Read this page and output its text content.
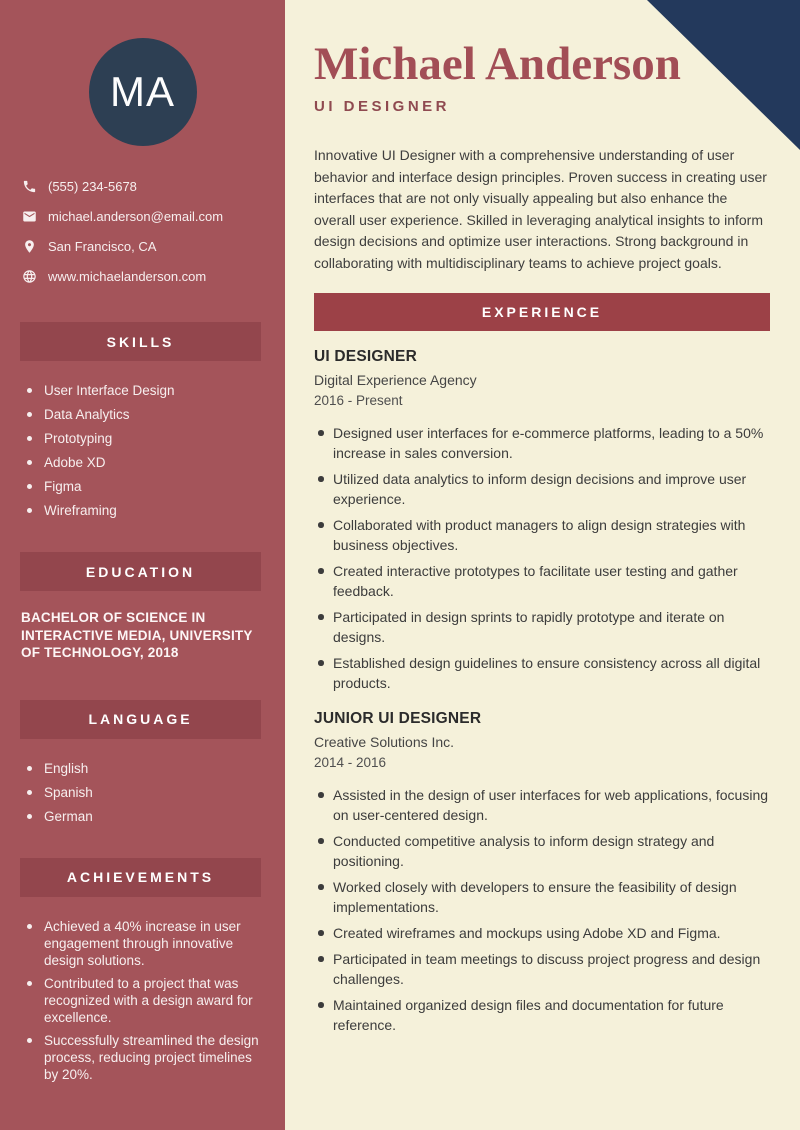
MA
(555) 234-5678
michael.anderson@email.com
San Francisco, CA
www.michaelanderson.com
SKILLS
User Interface Design
Data Analytics
Prototyping
Adobe XD
Figma
Wireframing
EDUCATION

BACHELOR OF SCIENCE IN INTERACTIVE MEDIA, UNIVERSITY OF TECHNOLOGY, 2018

LANGUAGE
English
Spanish
German
ACHIEVEMENTS
Achieved a 40% increase in user engagement through innovative design solutions.
Contributed to a project that was recognized with a design award for excellence.
Successfully streamlined the design process, reducing project timelines by 20%.
Michael Anderson
UI DESIGNER

Innovative UI Designer with a comprehensive understanding of user behavior and interface design principles. Proven success in creating user interfaces that are not only visually appealing but also enhance the overall user experience. Skilled in leveraging analytical insights to inform design decisions and optimize user interactions. Strong background in collaborating with multidisciplinary teams to achieve project goals.

EXPERIENCE
UI DESIGNER
Digital Experience Agency
2016 - Present
Designed user interfaces for e-commerce platforms, leading to a 50% increase in sales conversion.
Utilized data analytics to inform design decisions and improve user experience.
Collaborated with product managers to align design strategies with business objectives.
Created interactive prototypes to facilitate user testing and gather feedback.
Participated in design sprints to rapidly prototype and iterate on designs.
Established design guidelines to ensure consistency across all digital products.
JUNIOR UI DESIGNER
Creative Solutions Inc.
2014 - 2016
Assisted in the design of user interfaces for web applications, focusing on user-centered design.
Conducted competitive analysis to inform design strategy and positioning.
Worked closely with developers to ensure the feasibility of design implementations.
Created wireframes and mockups using Adobe XD and Figma.
Participated in team meetings to discuss project progress and design challenges.
Maintained organized design files and documentation for future reference.
